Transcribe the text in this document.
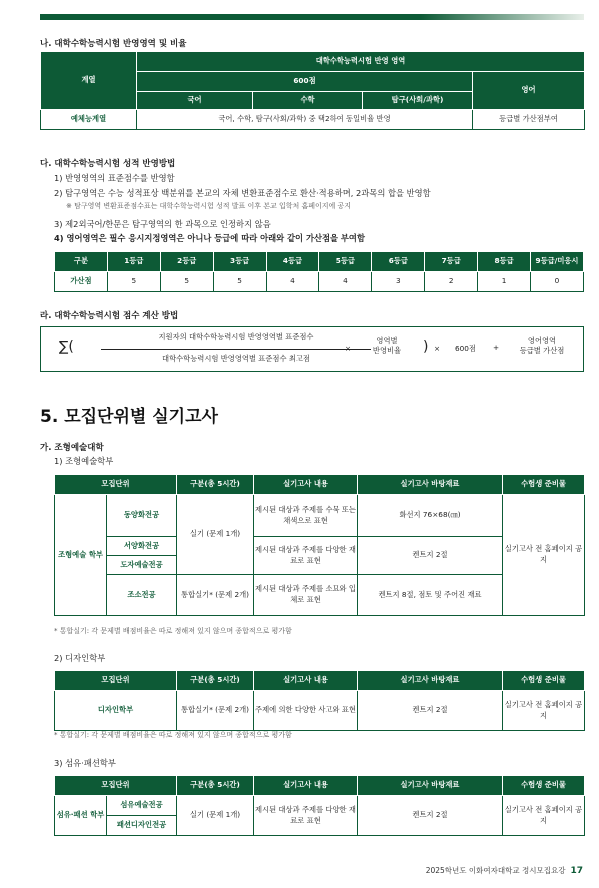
나. 대학수학능력시험 반영영역 및 비율
계열	대학수학능력시험 반영 영역			
	600점			영어
	국어	수학	탐구(사회/과학)	
예체능계열	국어, 수학, 탐구(사회/과학) 중 택2하여 동일비율 반영			등급별 가산점부여
다. 대학수학능력시험 성적 반영방법
1) 반영영역의 표준점수를 반영함
2) 탐구영역은 수능 성적표상 백분위를 본교의 자체 변환표준점수로 환산·적용하며, 2과목의 합을 반영함
※ 탐구영역 변환표준점수표는 대학수학능력시험 성적 발표 이후 본교 입학처 홈페이지에 공지
3) 제2외국어/한문은 탐구영역의 한 과목으로 인정하지 않음
4) 영어영역은 필수 응시지정영역은 아니나 등급에 따라 아래와 같이 가산점을 부여함
구분	1등급	2등급	3등급	4등급	5등급	6등급	7등급	8등급	9등급/미응시
가산점	5	5	5	4	4	3	2	1	0
라. 대학수학능력시험 점수 계산 방법
∑(
지원자의 대학수학능력시험 반영영역별 표준점수
대학수학능력시험 반영영역별 표준점수 최고점
×
영역별
반영비율	) × 600점 +
영어영역
등급별 가산점
5. 모집단위별 실기고사
가. 조형예술대학
1) 조형예술학부
모집단위		구분(총 5시간)	실기고사 내용	실기고사 바탕재료	수험생 준비물
조형예술 학부	동양화전공	실기 (문제 1개)	제시된 대상과 주제를 수묵 또는 채색으로 표현	화선지 76×68(㎝)	실기고사 전 홈페이지 공지
	서양화전공		제시된 대상과 주제를 다양한 재료로 표현	켄트지 2절	
	도자예술전공				
	조소전공	통합실기* (문제 2개)	제시된 대상과 주제를 소묘와 입체로 표현	켄트지 8절, 점토 및 주어진 재료	
* 통합실기: 각 문제별 배점비율은 따로 정해져 있지 않으며 종합적으로 평가함
2) 디자인학부
모집단위	구분(총 5시간)	실기고사 내용	실기고사 바탕재료	수험생 준비물
디자인학부	통합실기* (문제 2개)	주제에 의한 다양한 사고와 표현	켄트지 2절	실기고사 전 홈페이지 공지
* 통합실기: 각 문제별 배점비율은 따로 정해져 있지 않으며 종합적으로 평가함
3) 섬유·패션학부
모집단위		구분(총 5시간)	실기고사 내용	실기고사 바탕재료	수험생 준비물
섬유·패션 학부	섬유예술전공	실기 (문제 1개)	제시된 대상과 주제를 다양한 재료로 표현	켄트지 2절	실기고사 전 홈페이지 공지
	패션디자인전공				
2025학년도 이화여자대학교 정시모집요강 17
